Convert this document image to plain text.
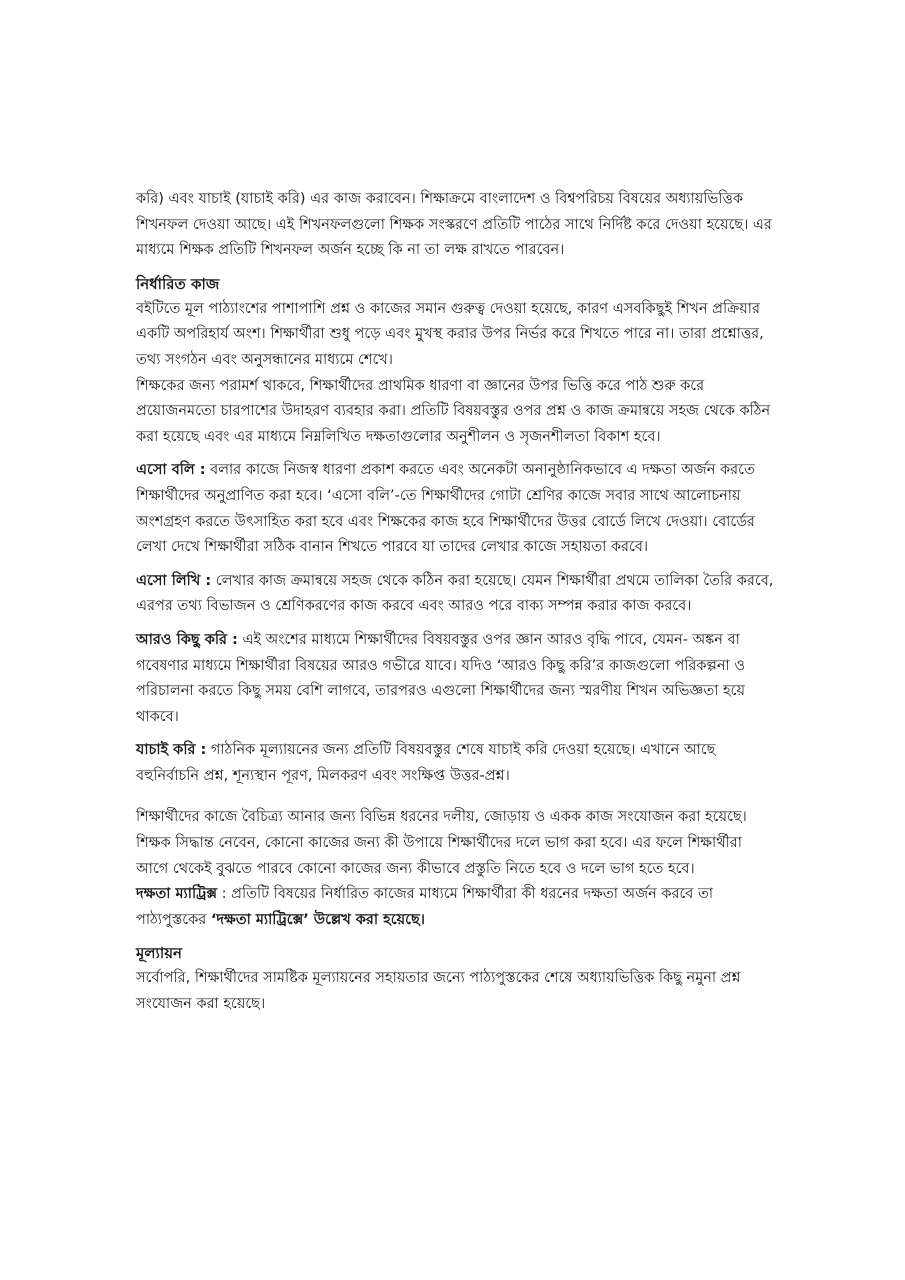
করি) এবং যাচাই (যাচাই করি) এর কাজ করাবেন। শিক্ষাক্রমে বাংলাদেশ ও বিশ্বপরিচয় বিষয়ের অধ্যায়ভিত্তিক শিখনফল দেওয়া আছে। এই শিখনফলগুলো শিক্ষক সংস্করণে প্রতিটি পাঠের সাথে নির্দিষ্ট করে দেওয়া হয়েছে। এর মাধ্যমে শিক্ষক প্রতিটি শিখনফল অর্জন হচ্ছে কি না তা লক্ষ রাখতে পারবেন।

নির্ধারিত কাজ

বইটিতে মূল পাঠ্যাংশের পাশাপাশি প্রশ্ন ও কাজের সমান গুরুত্ব দেওয়া হয়েছে, কারণ এসবকিছুই শিখন প্রক্রিয়ার একটি অপরিহার্য অংশ। শিক্ষার্থীরা শুধু পড়ে এবং মুখস্থ করার উপর নির্ভর করে শিখতে পারে না। তারা প্রশ্নোত্তর, তথ্য সংগঠন এবং অনুসন্ধানের মাধ্যমে শেখে।

শিক্ষকের জন্য পরামর্শ থাকবে, শিক্ষার্থীদের প্রাথমিক ধারণা বা জ্ঞানের উপর ভিত্তি করে পাঠ শুরু করে প্রয়োজনমতো চারপাশের উদাহরণ ব্যবহার করা। প্রতিটি বিষয়বস্তুর ওপর প্রশ্ন ও কাজ ক্রমান্বয়ে সহজ থেকে কঠিন করা হয়েছে এবং এর মাধ্যমে নিম্নলিখিত দক্ষতাগুলোর অনুশীলন ও সৃজনশীলতা বিকাশ হবে।

এসো বলি : বলার কাজে নিজস্ব ধারণা প্রকাশ করতে এবং অনেকটা অনানুষ্ঠানিকভাবে এ দক্ষতা অর্জন করতে শিক্ষার্থীদের অনুপ্রাণিত করা হবে। ‘এসো বলি’-তে শিক্ষার্থীদের গোটা শ্রেণির কাজে সবার সাথে আলোচনায় অংশগ্রহণ করতে উৎসাহিত করা হবে এবং শিক্ষকের কাজ হবে শিক্ষার্থীদের উত্তর বোর্ডে লিখে দেওয়া। বোর্ডের লেখা দেখে শিক্ষার্থীরা সঠিক বানান শিখতে পারবে যা তাদের লেখার কাজে সহায়তা করবে।

এসো লিখি : লেখার কাজ ক্রমান্বয়ে সহজ থেকে কঠিন করা হয়েছে। যেমন শিক্ষার্থীরা প্রথমে তালিকা তৈরি করবে, এরপর তথ্য বিভাজন ও শ্রেণিকরণের কাজ করবে এবং আরও পরে বাক্য সম্পন্ন করার কাজ করবে।

আরও কিছু করি : এই অংশের মাধ্যমে শিক্ষার্থীদের বিষয়বস্তুর ওপর জ্ঞান আরও বৃদ্ধি পাবে, যেমন- অঙ্কন বা গবেষণার মাধ্যমে শিক্ষার্থীরা বিষয়ের আরও গভীরে যাবে। যদিও ‘আরও কিছু করি’র কাজগুলো পরিকল্পনা ও পরিচালনা করতে কিছু সময় বেশি লাগবে, তারপরও এগুলো শিক্ষার্থীদের জন্য স্মরণীয় শিখন অভিজ্ঞতা হয়ে থাকবে।

যাচাই করি : গাঠনিক মূল্যায়নের জন্য প্রতিটি বিষয়বস্তুর শেষে যাচাই করি দেওয়া হয়েছে। এখানে আছে বহুনির্বাচনি প্রশ্ন, শূন্যস্থান পূরণ, মিলকরণ এবং সংক্ষিপ্ত উত্তর-প্রশ্ন।

শিক্ষার্থীদের কাজে বৈচিত্র্য আনার জন্য বিভিন্ন ধরনের দলীয়, জোড়ায় ও একক কাজ সংযোজন করা হয়েছে। শিক্ষক সিদ্ধান্ত নেবেন, কোনো কাজের জন্য কী উপায়ে শিক্ষার্থীদের দলে ভাগ করা হবে। এর ফলে শিক্ষার্থীরা আগে থেকেই বুঝতে পারবে কোনো কাজের জন্য কীভাবে প্রস্তুতি নিতে হবে ও দলে ভাগ হতে হবে।

দক্ষতা ম্যাট্রিক্স : প্রতিটি বিষয়ের নির্ধারিত কাজের মাধ্যমে শিক্ষার্থীরা কী ধরনের দক্ষতা অর্জন করবে তা পাঠ্যপুস্তকের ‘দক্ষতা ম্যাট্রিক্সে’ উল্লেখ করা হয়েছে।

মূল্যায়ন

সর্বোপরি, শিক্ষার্থীদের সামষ্টিক মূল্যায়নের সহায়তার জন্যে পাঠ্যপুস্তকের শেষে অধ্যায়ভিত্তিক কিছু নমুনা প্রশ্ন সংযোজন করা হয়েছে।
